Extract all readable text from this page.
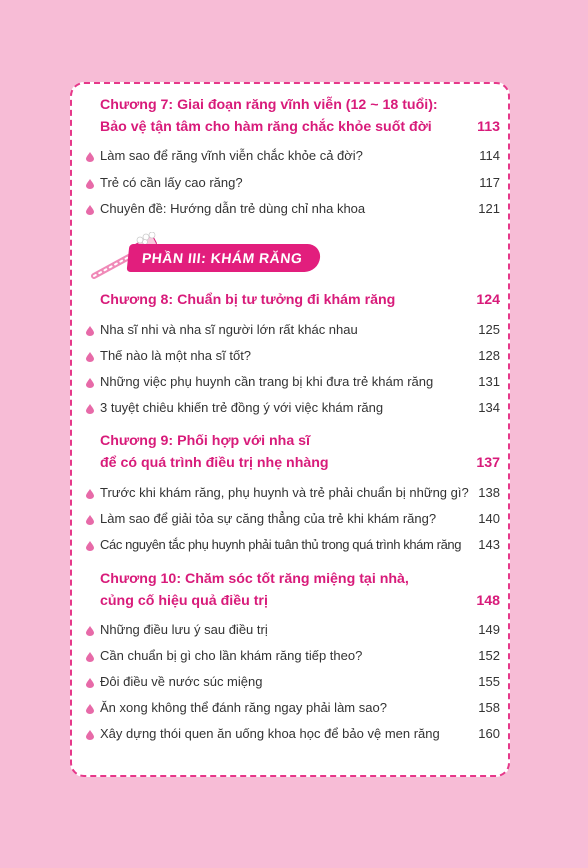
Chương 7: Giai đoạn răng vĩnh viễn (12 ~ 18 tuổi):
Bảo vệ tận tâm cho hàm răng chắc khỏe suốt đời	113
Làm sao để răng vĩnh viễn chắc khỏe cả đời?	114
Trẻ có cần lấy cao răng?	117
Chuyên đề: Hướng dẫn trẻ dùng chỉ nha khoa	121
PHẦN III: KHÁM RĂNG
Chương 8: Chuẩn bị tư tưởng đi khám răng	124
Nha sĩ nhi và nha sĩ người lớn rất khác nhau	125
Thế nào là một nha sĩ tốt?	128
Những việc phụ huynh cần trang bị khi đưa trẻ khám răng	131
3 tuyệt chiêu khiến trẻ đồng ý với việc khám răng	134
Chương 9: Phối hợp với nha sĩ
để có quá trình điều trị nhẹ nhàng	137
Trước khi khám răng, phụ huynh và trẻ phải chuẩn bị những gì? 138
Làm sao để giải tỏa sự căng thẳng của trẻ khi khám răng?	140
Các nguyên tắc phụ huynh phải tuân thủ trong quá trình khám răng 143
Chương 10: Chăm sóc tốt răng miệng tại nhà,
củng cố hiệu quả điều trị	148
Những điều lưu ý sau điều trị	149
Cần chuẩn bị gì cho lần khám răng tiếp theo?	152
Đôi điều về nước súc miệng	155
Ăn xong không thể đánh răng ngay phải làm sao?	158
Xây dựng thói quen ăn uống khoa học để bảo vệ men răng	160
